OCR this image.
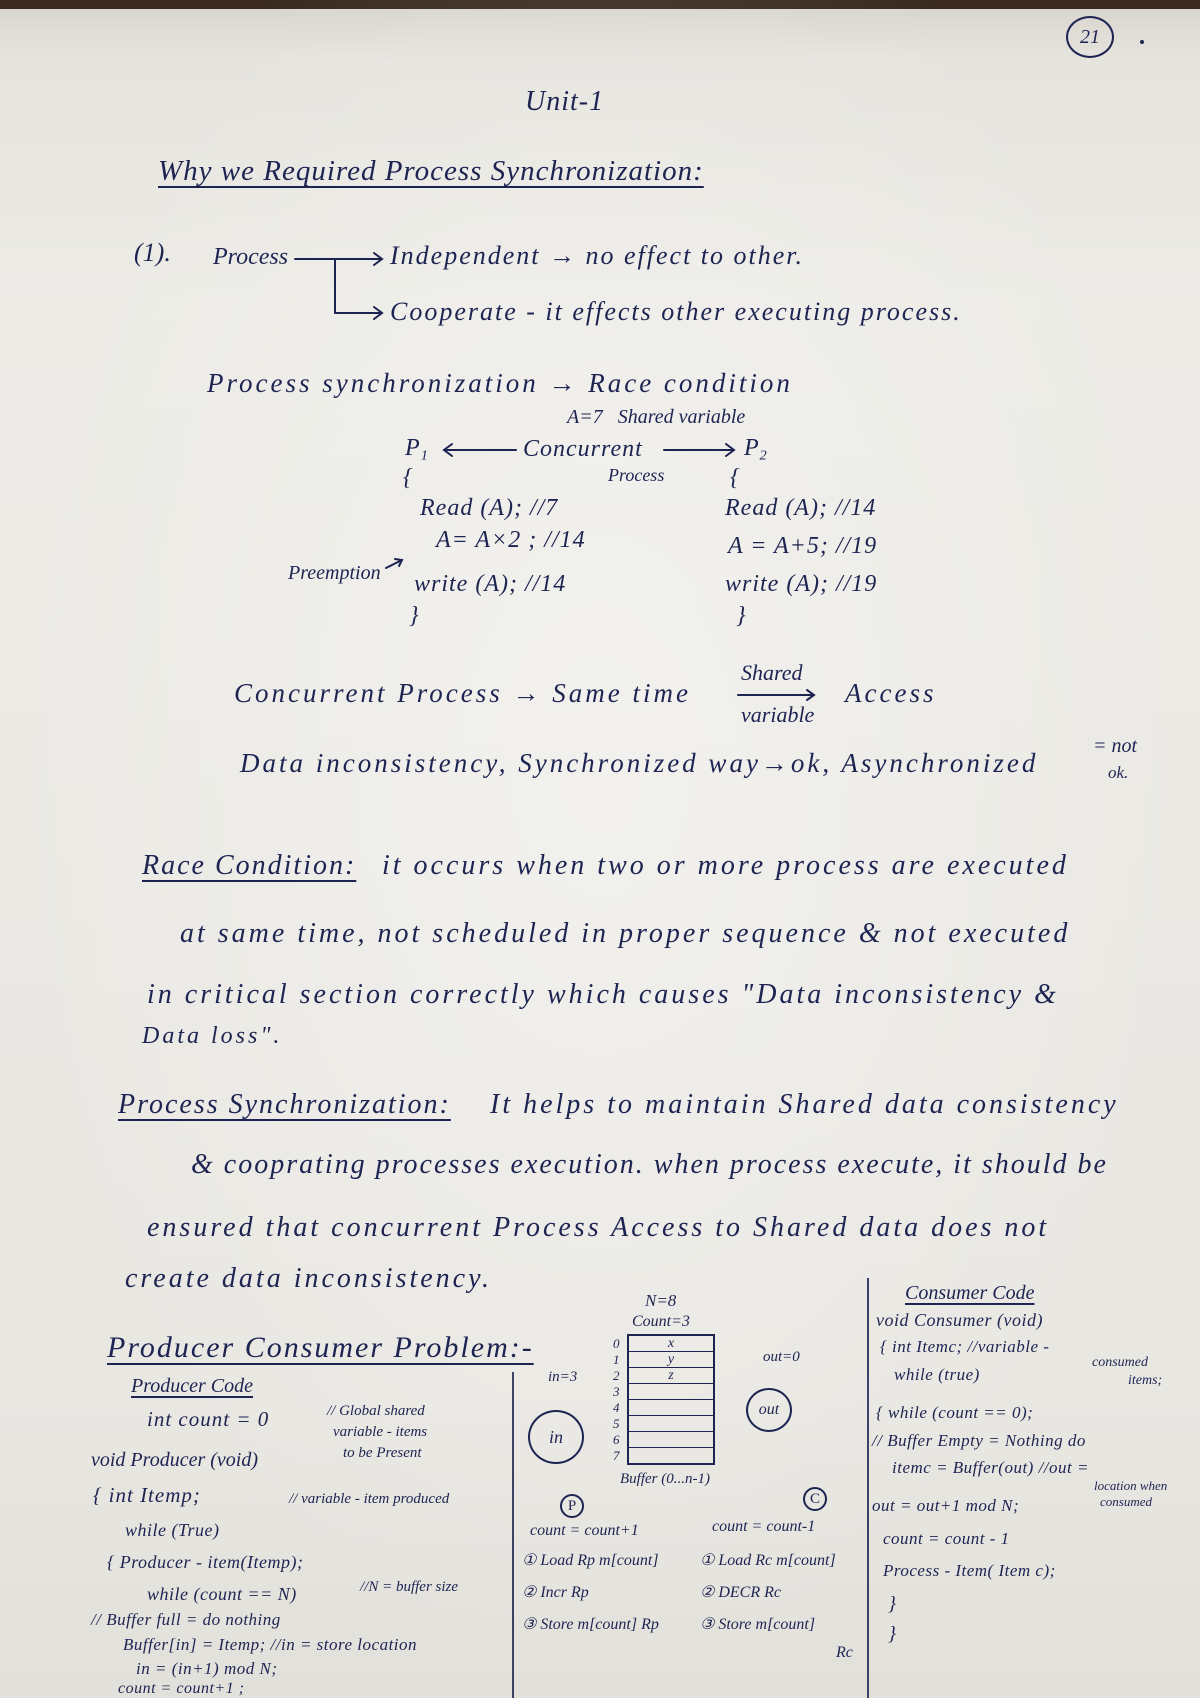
21
Unit-1
Why we Required Process Synchronization:
(1). Process	Independent → no effect to other.
Cooperate - it effects other executing process.
Process synchronization → Race condition
A=7   Shared variable
P₁	Concurrent	P₂
Process
{
Read (A); //7
A= A×2 ; //14
write (A); //14
}
{
Read (A); //14
A = A+5; //19
write (A); //19
}
Preemption
Concurrent Process → Same time
Shared
variable
Access
Data inconsistency, Synchronized way→ok, Asynchronized
= not
ok.
Race Condition: it occurs when two or more process are executed
at same time, not scheduled in proper sequence & not executed
in critical section correctly which causes "Data inconsistency &
Data loss".
Process Synchronization: It helps to maintain Shared data consistency
& cooprating processes execution. when process execute, it should be
ensured that concurrent Process Access to Shared data does not
create data inconsistency.
Producer Consumer Problem:-
Producer Code
int count = 0	// Global shared
variable - items
to be Present
void Producer (void)
{ int Itemp;	// variable - item produced
while (True)
{ Producer - item(Itemp);
while (count == N)	//N = buffer size
// Buffer full = do nothing
Buffer[in] = Itemp; //in = store location
in = (in+1) mod N;
count = count+1 ;
N=8
Count=3
in=3
out=0
0	x
1	y
2	z
3
4
5
6
7
in
out
Buffer (0...n-1)
P	C
count = count+1	count = count-1
① Load Rp m[count]
② Incr Rp
③ Store m[count] Rp
① Load Rc m[count]
② DECR Rc
③ Store m[count]
Rc
Consumer Code
void Consumer (void)
{ int Itemc; //variable -
consumed
items;
while (true)
{ while (count == 0);
// Buffer Empty = Nothing do
itemc = Buffer(out) //out =
location when
consumed
out = out+1 mod N;
count = count - 1
Process - Item( Item c);
}
}
